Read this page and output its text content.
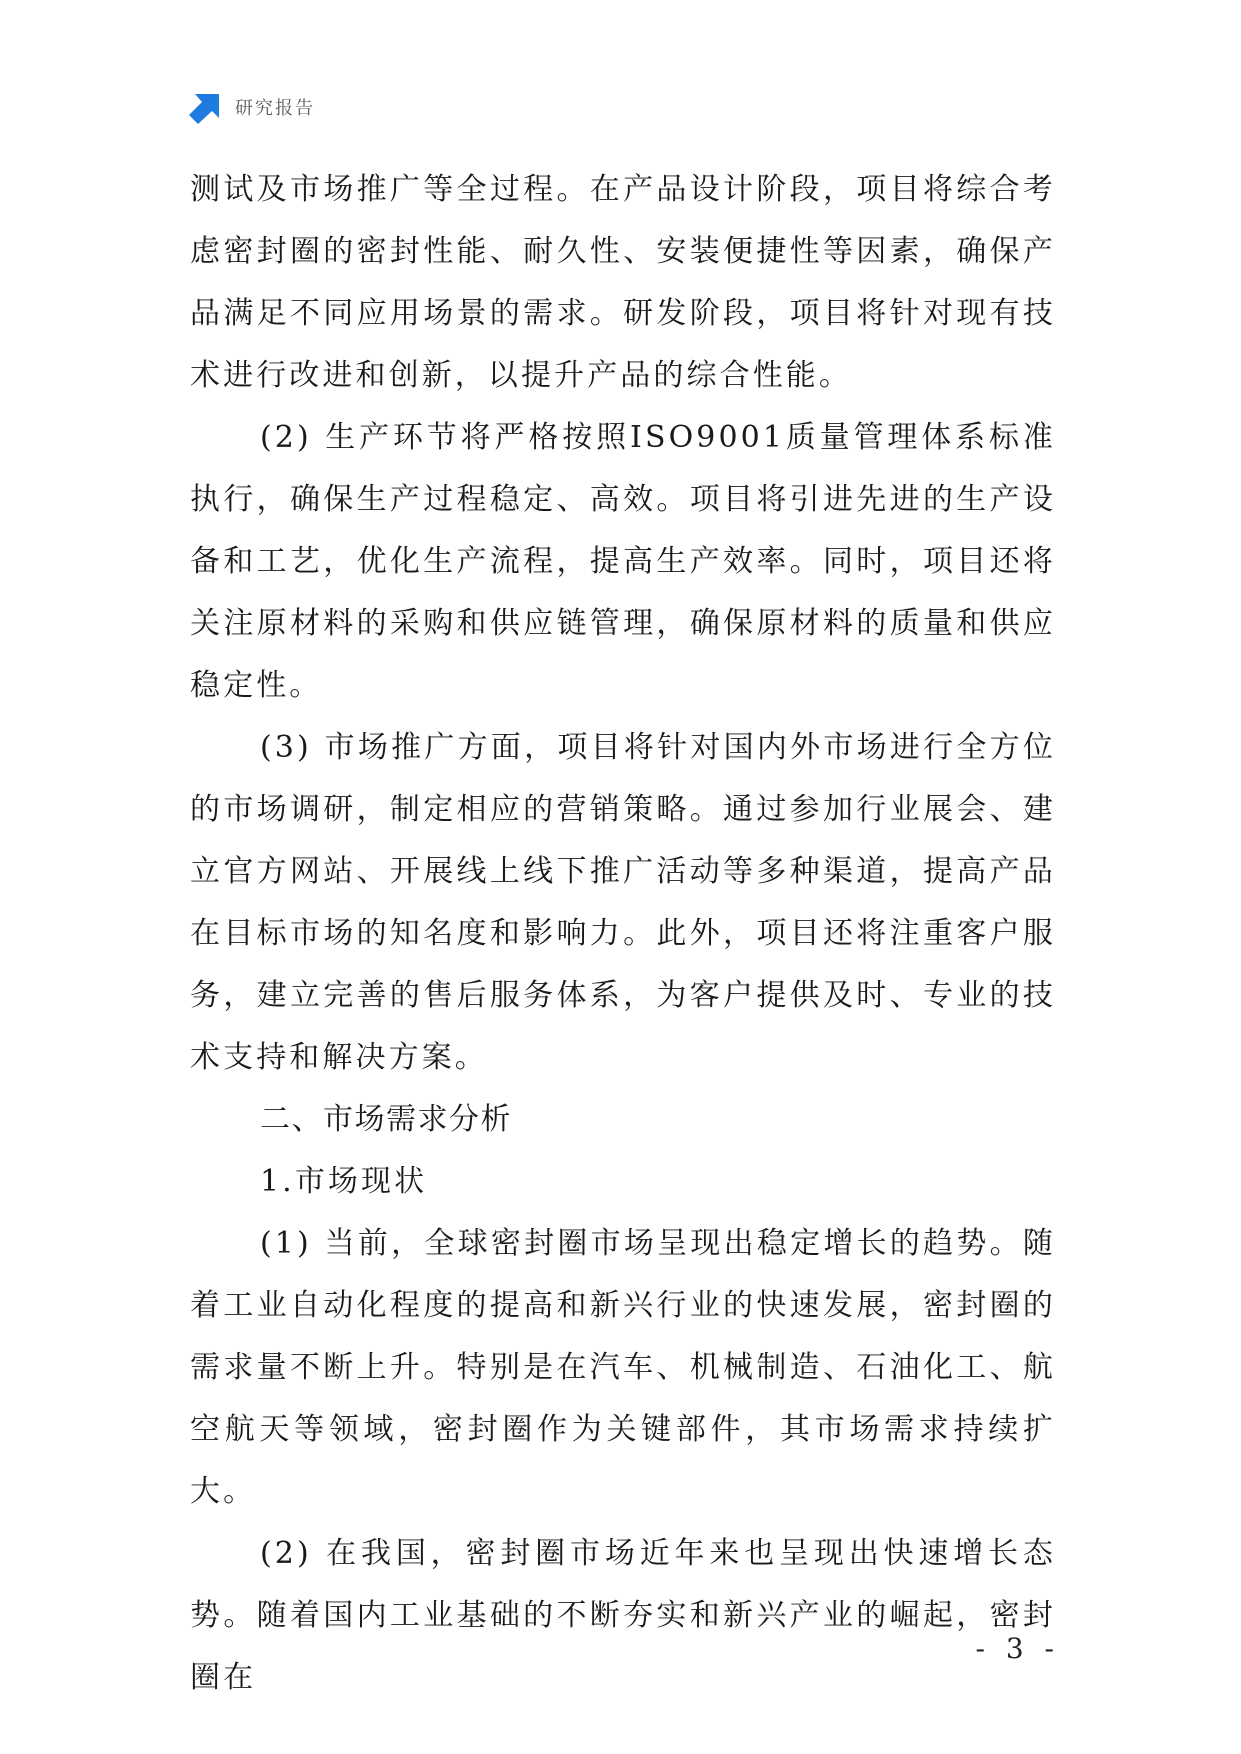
研究报告

测试及市场推广等全过程。在产品设计阶段，项目将综合考虑密封圈的密封性能、耐久性、安装便捷性等因素，确保产品满足不同应用场景的需求。研发阶段，项目将针对现有技术进行改进和创新，以提升产品的综合性能。

(2) 生产环节将严格按照ISO9001质量管理体系标准执行，确保生产过程稳定、高效。项目将引进先进的生产设备和工艺，优化生产流程，提高生产效率。同时，项目还将关注原材料的采购和供应链管理，确保原材料的质量和供应稳定性。

(3) 市场推广方面，项目将针对国内外市场进行全方位的市场调研，制定相应的营销策略。通过参加行业展会、建立官方网站、开展线上线下推广活动等多种渠道，提高产品在目标市场的知名度和影响力。此外，项目还将注重客户服务，建立完善的售后服务体系，为客户提供及时、专业的技术支持和解决方案。

二、市场需求分析

1.市场现状

(1) 当前，全球密封圈市场呈现出稳定增长的趋势。随着工业自动化程度的提高和新兴行业的快速发展，密封圈的需求量不断上升。特别是在汽车、机械制造、石油化工、航空航天等领域，密封圈作为关键部件，其市场需求持续扩大。

(2) 在我国，密封圈市场近年来也呈现出快速增长态势。随着国内工业基础的不断夯实和新兴产业的崛起，密封圈在

- 3 -
